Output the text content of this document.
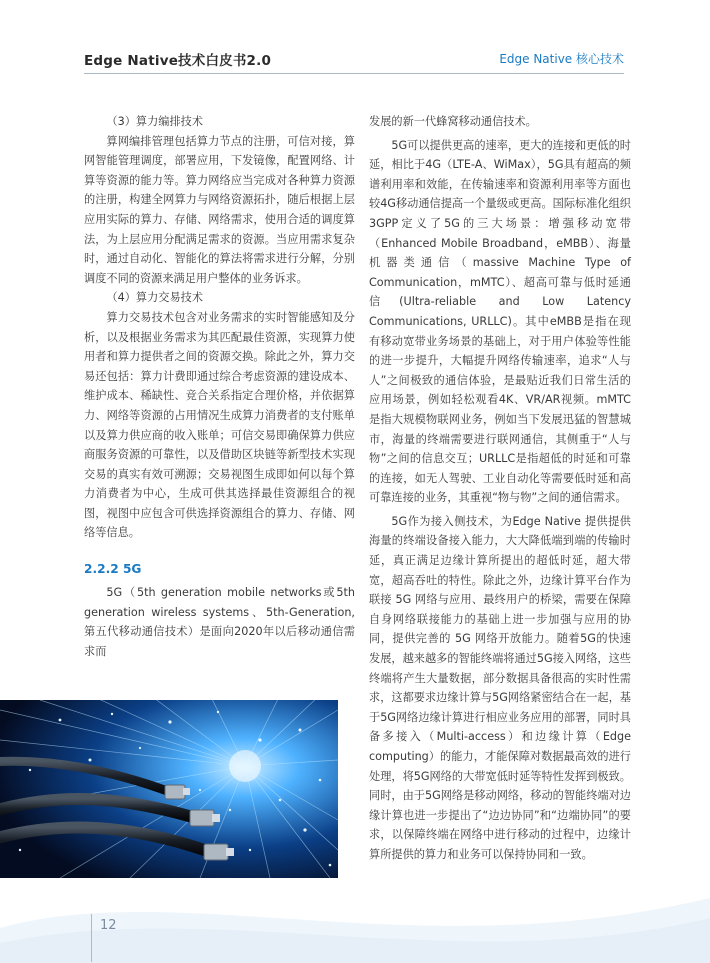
Edge Native技术白皮书2.0	Edge Native 核心技术

（3）算力编排技术

算网编排管理包括算力节点的注册，可信对接，算网智能管理调度，部署应用，下发镜像，配置网络、计算等资源的能力等。算力网络应当完成对各种算力资源的注册，构建全网算力与网络资源拓扑，随后根据上层应用实际的算力、存储、网络需求，使用合适的调度算法，为上层应用分配满足需求的资源。当应用需求复杂时，通过自动化、智能化的算法将需求进行分解，分别调度不同的资源来满足用户整体的业务诉求。

（4）算力交易技术

算力交易技术包含对业务需求的实时智能感知及分析，以及根据业务需求为其匹配最佳资源，实现算力使用者和算力提供者之间的资源交换。除此之外，算力交易还包括：算力计费即通过综合考虑资源的建设成本、维护成本、稀缺性、竞合关系指定合理价格，并依据算力、网络等资源的占用情况生成算力消费者的支付账单以及算力供应商的收入账单；可信交易即确保算力供应商服务资源的可靠性，以及借助区块链等新型技术实现交易的真实有效可溯源；交易视图生成即如何以每个算力消费者为中心，生成可供其选择最佳资源组合的视图，视图中应包含可供选择资源组合的算力、存储、网络等信息。

2.2.2 5G

5G（5th generation mobile networks或5th generation wireless systems、5th-Generation, 第五代移动通信技术）是面向2020年以后移动通信需求而

发展的新一代蜂窝移动通信技术。

5G可以提供更高的速率，更大的连接和更低的时延，相比于4G（LTE-A、WiMax），5G具有超高的频谱利用率和效能，在传输速率和资源利用率等方面也较4G移动通信提高一个量级或更高。国际标准化组织3GPP定义了5G的三大场景：增强移动宽带（Enhanced Mobile Broadband，eMBB）、海量机器类通信（massive Machine Type of Communication，mMTC）、超高可靠与低时延通信(Ultra-reliable and Low Latency Communications, URLLC)。其中eMBB是指在现有移动宽带业务场景的基础上，对于用户体验等性能的进一步提升，大幅提升网络传输速率，追求“人与人”之间极致的通信体验，是最贴近我们日常生活的应用场景，例如轻松观看4K、VR/AR视频。mMTC是指大规模物联网业务，例如当下发展迅猛的智慧城市，海量的终端需要进行联网通信，其侧重于“人与物”之间的信息交互；URLLC是指超低的时延和可靠的连接，如无人驾驶、工业自动化等需要低时延和高可靠连接的业务，其重视“物与物”之间的通信需求。

5G作为接入侧技术，为Edge Native 提供提供海量的终端设备接入能力，大大降低端到端的传输时延，真正满足边缘计算所提出的超低时延，超大带宽，超高吞吐的特性。除此之外，边缘计算平台作为联接 5G 网络与应用、最终用户的桥梁，需要在保障自身网络联接能力的基础上进一步加强与应用的协同，提供完善的 5G 网络开放能力。随着5G的快速发展，越来越多的智能终端将通过5G接入网络，这些终端将产生大量数据，部分数据具备很高的实时性需求，这都要求边缘计算与5G网络紧密结合在一起，基于5G网络边缘计算进行相应业务应用的部署，同时具备多接入（Multi-access）和边缘计算（Edge computing）的能力，才能保障对数据最高效的进行处理，将5G网络的大带宽低时延等特性发挥到极致。同时，由于5G网络是移动网络，移动的智能终端对边缘计算也进一步提出了“边边协同”和“边端协同”的要求，以保障终端在网络中进行移动的过程中，边缘计算所提供的算力和业务可以保持协同和一致。

12
